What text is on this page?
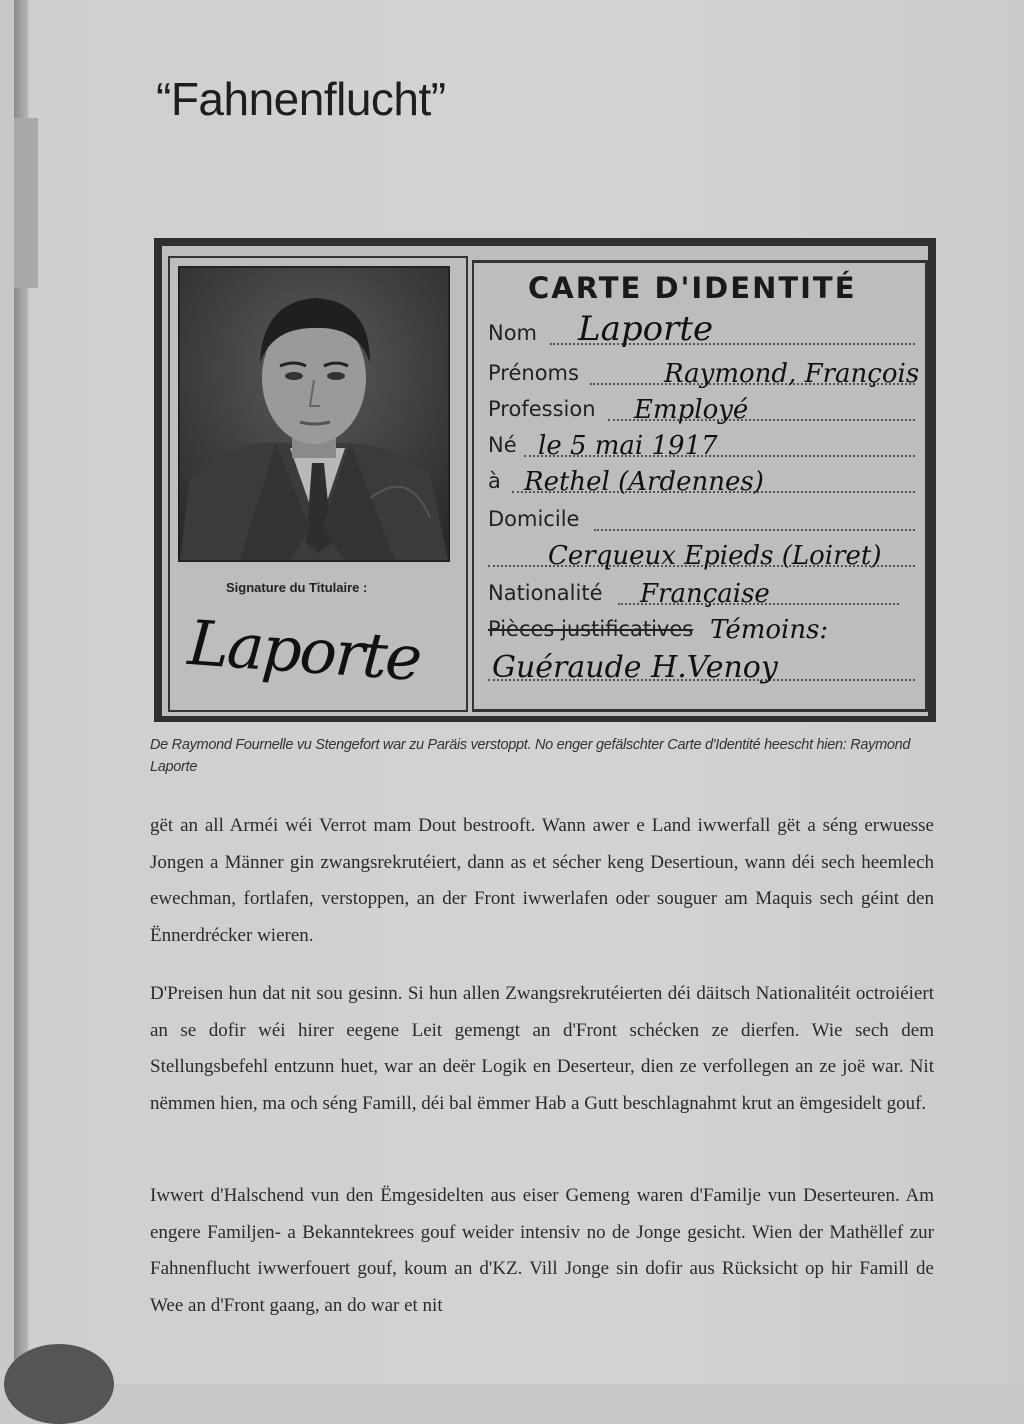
“Fahnenflucht”
Signature du Titulaire :
Laporte
CARTE D'IDENTITÉ
Nom Laporte
Prénoms	Raymond, François
Profession Employé
Né le 5 mai 1917
à Rethel (Ardennes)
Domicile
Cerqueux Epieds (Loiret)
Nationalité Française
Pièces justificatives Témoins:
Guéraude H.Venoy
De Raymond Fournelle vu Stengefort war zu Paräis verstoppt. No enger gefälschter Carte d'Identité heescht hien: Raymond Laporte

gët an all Arméi wéi Verrot mam Dout bestrooft. Wann awer e Land iwwerfall gët a séng erwuesse Jongen a Männer gin zwangsrekrutéiert, dann as et sécher keng Desertioun, wann déi sech heemlech ewechman, fortlafen, verstoppen, an der Front iwwerlafen oder souguer am Maquis sech géint den Ënnerdrécker wieren.

D'Preisen hun dat nit sou gesinn. Si hun allen Zwangsrekrutéierten déi däitsch Nationalitéit octroiéiert an se dofir wéi hirer eegene Leit gemengt an d'Front schécken ze dierfen. Wie sech dem Stellungsbefehl entzunn huet, war an deër Logik en Deserteur, dien ze verfollegen an ze joë war. Nit nëmmen hien, ma och séng Famill, déi bal ëmmer Hab a Gutt beschlagnahmt krut an ëmgesidelt gouf.

Iwwert d'Halschend vun den Ëmgesidelten aus eiser Gemeng waren d'Familje vun Deserteuren. Am engere Familjen- a Bekanntekrees gouf weider intensiv no de Jonge gesicht. Wien der Mathëllef zur Fahnenflucht iwwerfouert gouf, koum an d'KZ. Vill Jonge sin dofir aus Rücksicht op hir Famill de Wee an d'Front gaang, an do war et nit
